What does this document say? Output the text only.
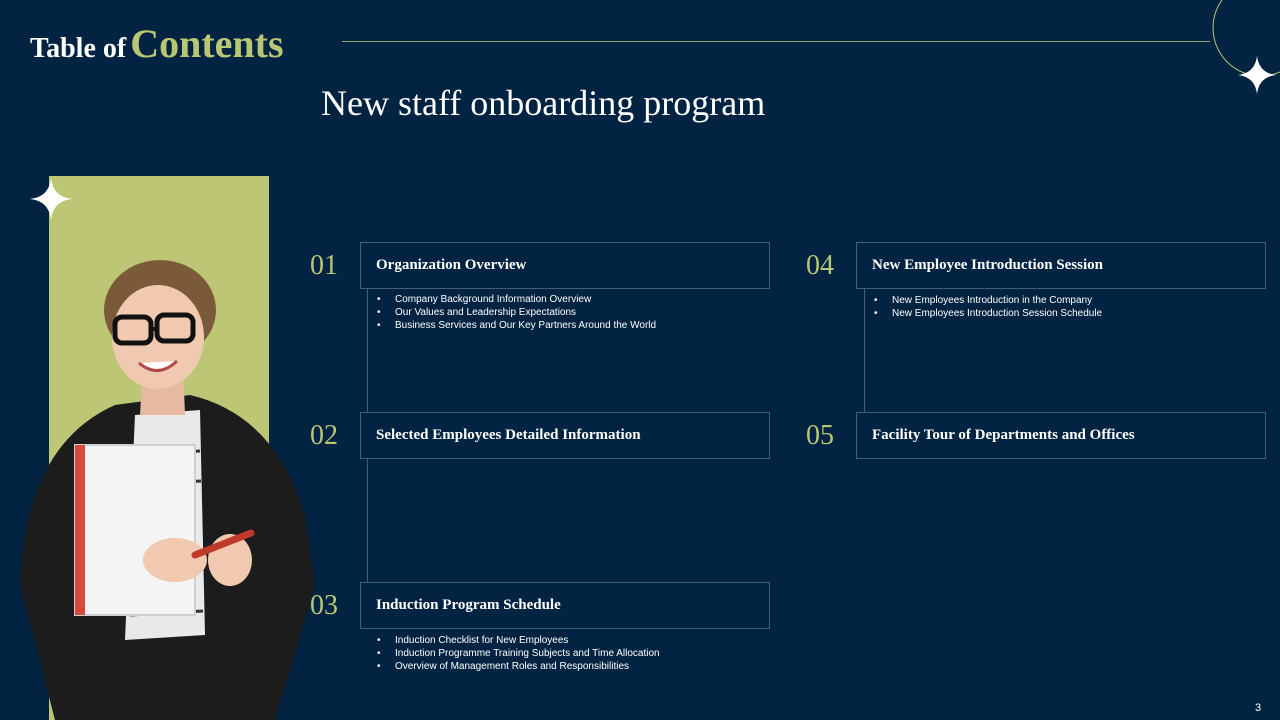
Table of Contents
New staff onboarding program
01	Organization Overview
• Company Background Information Overview
• Our Values and Leadership Expectations
• Business Services and Our Key Partners Around the World
02	Selected Employees Detailed Information
03	Induction Program Schedule
• Induction Checklist for New Employees
• Induction Programme Training Subjects and Time Allocation
• Overview of Management Roles and Responsibilities
04	New Employee Introduction Session
• New Employees Introduction in the Company
• New Employees Introduction Session Schedule
05	Facility Tour of Departments and Offices
3
